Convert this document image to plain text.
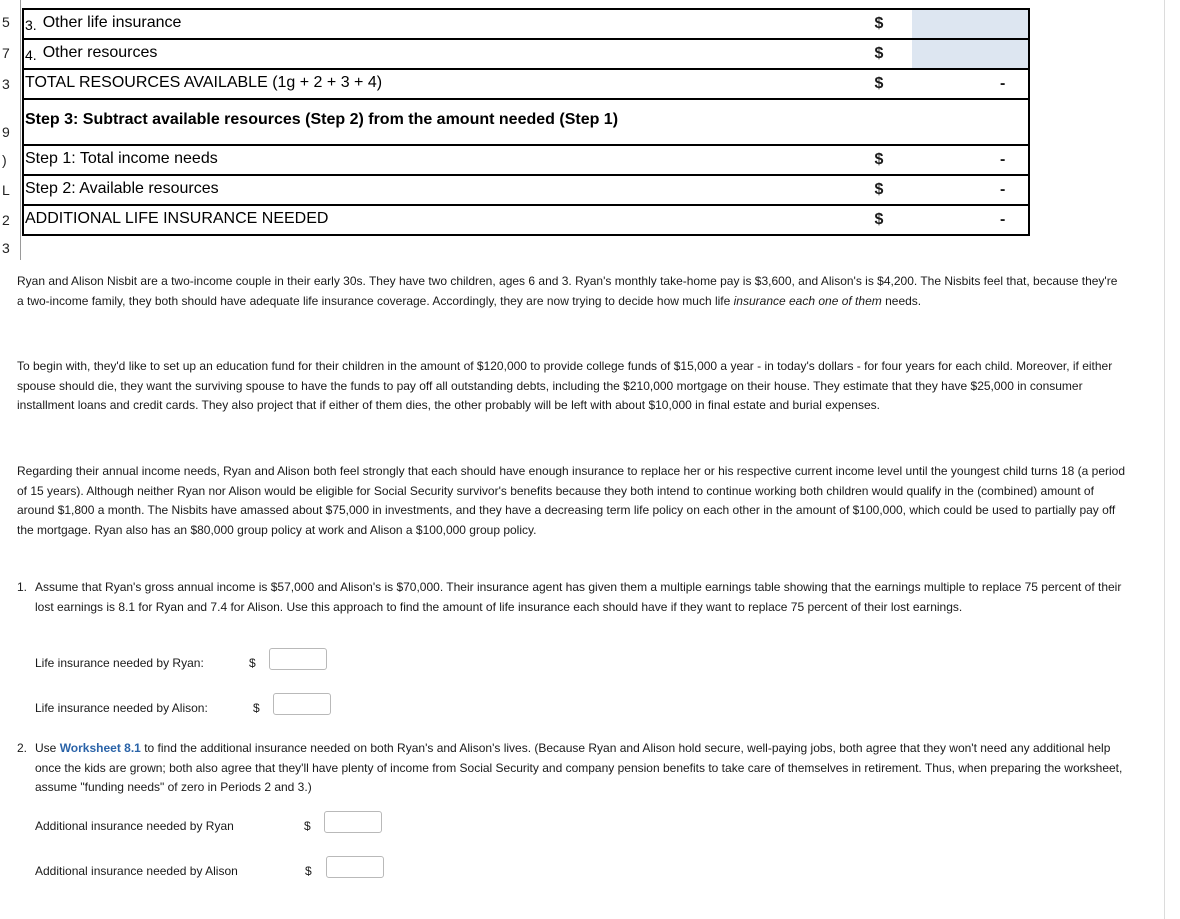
5
7
3
9
)
L
2
3
3. Other life insurance	$
4. Other resources	$
TOTAL RESOURCES AVAILABLE (1g + 2 + 3 + 4)	$	-
Step 3: Subtract available resources (Step 2) from the amount needed (Step 1)
Step 1: Total income needs	$	-
Step 2: Available resources	$	-
ADDITIONAL LIFE INSURANCE NEEDED	$	-
Ryan and Alison Nisbit are a two-income couple in their early 30s. They have two children, ages 6 and 3. Ryan's monthly take-home pay is $3,600, and Alison's is $4,200. The Nisbits feel that, because they're a two-income family, they both should have adequate life insurance coverage. Accordingly, they are now trying to decide how much life insurance each one of them needs.
To begin with, they'd like to set up an education fund for their children in the amount of $120,000 to provide college funds of $15,000 a year - in today's dollars - for four years for each child. Moreover, if either spouse should die, they want the surviving spouse to have the funds to pay off all outstanding debts, including the $210,000 mortgage on their house. They estimate that they have $25,000 in consumer installment loans and credit cards. They also project that if either of them dies, the other probably will be left with about $10,000 in final estate and burial expenses.
Regarding their annual income needs, Ryan and Alison both feel strongly that each should have enough insurance to replace her or his respective current income level until the youngest child turns 18 (a period of 15 years). Although neither Ryan nor Alison would be eligible for Social Security survivor's benefits because they both intend to continue working both children would qualify in the (combined) amount of around $1,800 a month. The Nisbits have amassed about $75,000 in investments, and they have a decreasing term life policy on each other in the amount of $100,000, which could be used to partially pay off the mortgage. Ryan also has an $80,000 group policy at work and Alison a $100,000 group policy.
1. Assume that Ryan's gross annual income is $57,000 and Alison's is $70,000. Their insurance agent has given them a multiple earnings table showing that the earnings multiple to replace 75 percent of their lost earnings is 8.1 for Ryan and 7.4 for Alison. Use this approach to find the amount of life insurance each should have if they want to replace 75 percent of their lost earnings.
Life insurance needed by Ryan:	$
Life insurance needed by Alison:	$
2. Use Worksheet 8.1 to find the additional insurance needed on both Ryan's and Alison's lives. (Because Ryan and Alison hold secure, well-paying jobs, both agree that they won't need any additional help once the kids are grown; both also agree that they'll have plenty of income from Social Security and company pension benefits to take care of themselves in retirement. Thus, when preparing the worksheet, assume "funding needs" of zero in Periods 2 and 3.)
Additional insurance needed by Ryan	$
Additional insurance needed by Alison	$
